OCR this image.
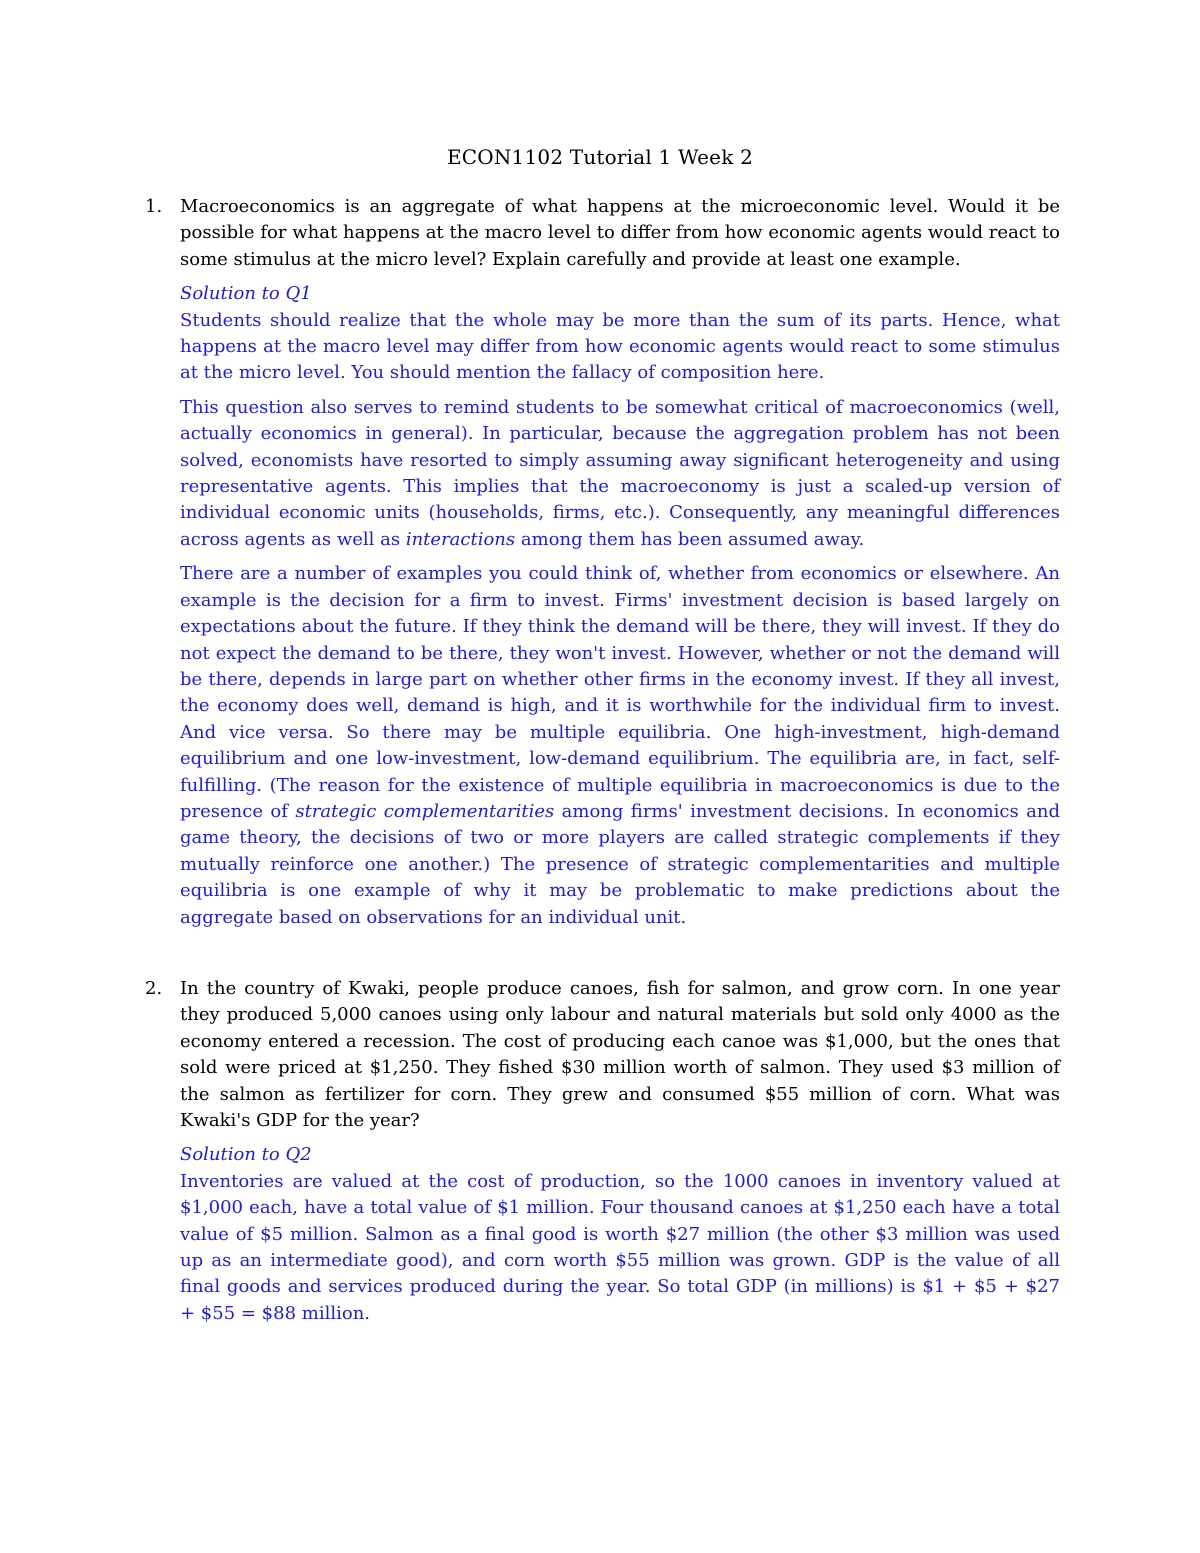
ECON1102 Tutorial 1 Week 2
1. Macroeconomics is an aggregate of what happens at the microeconomic level. Would it be possible for what happens at the macro level to differ from how economic agents would react to some stimulus at the micro level? Explain carefully and provide at least one example.

Solution to Q1

Students should realize that the whole may be more than the sum of its parts. Hence, what happens at the macro level may differ from how economic agents would react to some stimulus at the micro level. You should mention the fallacy of composition here.

This question also serves to remind students to be somewhat critical of macroeconomics (well, actually economics in general). In particular, because the aggregation problem has not been solved, economists have resorted to simply assuming away significant heterogeneity and using representative agents. This implies that the macroeconomy is just a scaled-up version of individual economic units (households, firms, etc.). Consequently, any meaningful differences across agents as well as interactions among them has been assumed away.

There are a number of examples you could think of, whether from economics or elsewhere. An example is the decision for a firm to invest. Firms' investment decision is based largely on expectations about the future. If they think the demand will be there, they will invest. If they do not expect the demand to be there, they won't invest. However, whether or not the demand will be there, depends in large part on whether other firms in the economy invest. If they all invest, the economy does well, demand is high, and it is worthwhile for the individual firm to invest. And vice versa. So there may be multiple equilibria. One high-investment, high-demand equilibrium and one low-investment, low-demand equilibrium. The equilibria are, in fact, self-fulfilling. (The reason for the existence of multiple equilibria in macroeconomics is due to the presence of strategic complementarities among firms' investment decisions. In economics and game theory, the decisions of two or more players are called strategic complements if they mutually reinforce one another.) The presence of strategic complementarities and multiple equilibria is one example of why it may be problematic to make predictions about the aggregate based on observations for an individual unit.

2. In the country of Kwaki, people produce canoes, fish for salmon, and grow corn. In one year they produced 5,000 canoes using only labour and natural materials but sold only 4000 as the economy entered a recession. The cost of producing each canoe was $1,000, but the ones that sold were priced at $1,250. They fished $30 million worth of salmon. They used $3 million of the salmon as fertilizer for corn. They grew and consumed $55 million of corn. What was Kwaki's GDP for the year?

Solution to Q2

Inventories are valued at the cost of production, so the 1000 canoes in inventory valued at $1,000 each, have a total value of $1 million. Four thousand canoes at $1,250 each have a total value of $5 million. Salmon as a final good is worth $27 million (the other $3 million was used up as an intermediate good), and corn worth $55 million was grown. GDP is the value of all final goods and services produced during the year. So total GDP (in millions) is $1 + $5 + $27 + $55 = $88 million.
